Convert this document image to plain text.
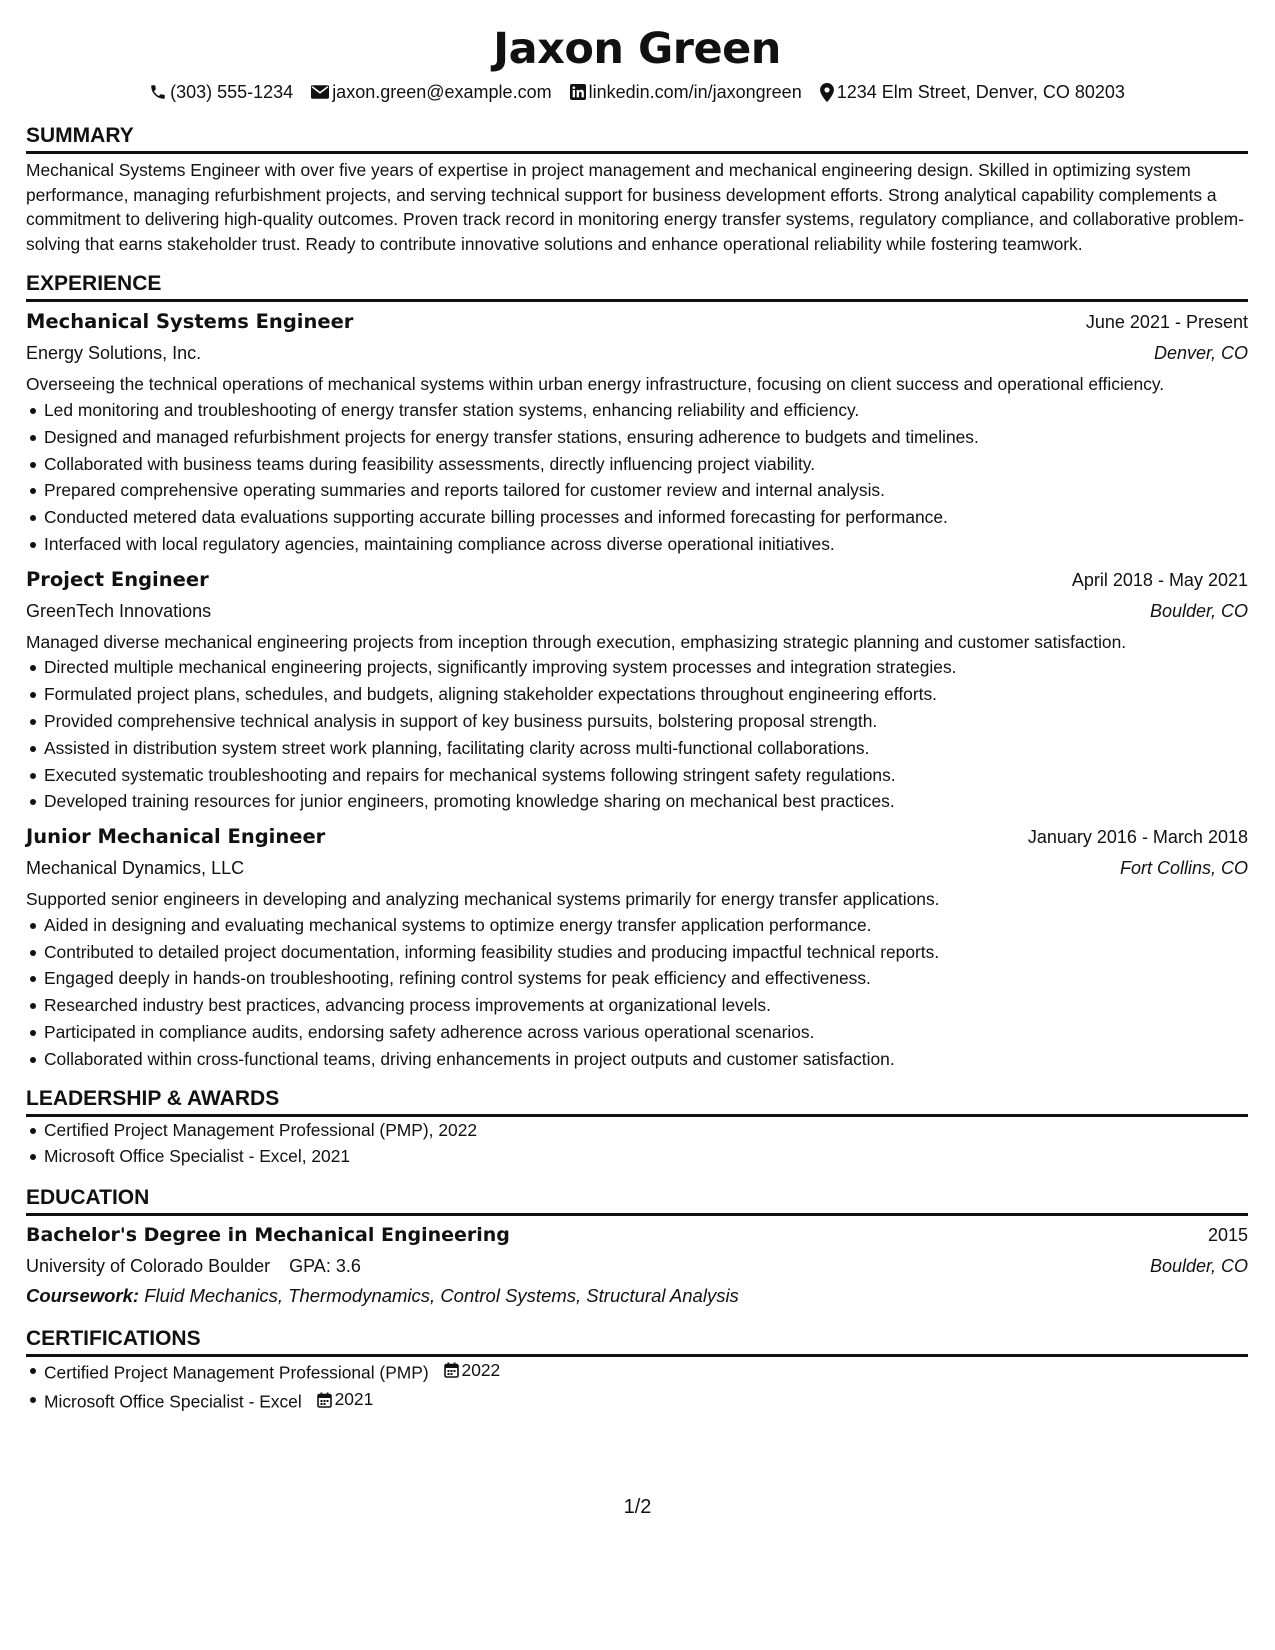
Jaxon Green
(303) 555-1234 jaxon.green@example.com linkedin.com/in/jaxongreen 1234 Elm Street, Denver, CO 80203
SUMMARY

Mechanical Systems Engineer with over five years of expertise in project management and mechanical engineering design. Skilled in optimizing system performance, managing refurbishment projects, and serving technical support for business development efforts. Strong analytical capability complements a commitment to delivering high-quality outcomes. Proven track record in monitoring energy transfer systems, regulatory compliance, and collaborative problem-solving that earns stakeholder trust. Ready to contribute innovative solutions and enhance operational reliability while fostering teamwork.

EXPERIENCE
Mechanical Systems Engineer	June 2021 - Present
Energy Solutions, Inc.	Denver, CO

Overseeing the technical operations of mechanical systems within urban energy infrastructure, focusing on client success and operational efficiency.

Led monitoring and troubleshooting of energy transfer station systems, enhancing reliability and efficiency.
Designed and managed refurbishment projects for energy transfer stations, ensuring adherence to budgets and timelines.
Collaborated with business teams during feasibility assessments, directly influencing project viability.
Prepared comprehensive operating summaries and reports tailored for customer review and internal analysis.
Conducted metered data evaluations supporting accurate billing processes and informed forecasting for performance.
Interfaced with local regulatory agencies, maintaining compliance across diverse operational initiatives.
Project Engineer	April 2018 - May 2021
GreenTech Innovations	Boulder, CO

Managed diverse mechanical engineering projects from inception through execution, emphasizing strategic planning and customer satisfaction.

Directed multiple mechanical engineering projects, significantly improving system processes and integration strategies.
Formulated project plans, schedules, and budgets, aligning stakeholder expectations throughout engineering efforts.
Provided comprehensive technical analysis in support of key business pursuits, bolstering proposal strength.
Assisted in distribution system street work planning, facilitating clarity across multi-functional collaborations.
Executed systematic troubleshooting and repairs for mechanical systems following stringent safety regulations.
Developed training resources for junior engineers, promoting knowledge sharing on mechanical best practices.
Junior Mechanical Engineer	January 2016 - March 2018
Mechanical Dynamics, LLC	Fort Collins, CO

Supported senior engineers in developing and analyzing mechanical systems primarily for energy transfer applications.

Aided in designing and evaluating mechanical systems to optimize energy transfer application performance.
Contributed to detailed project documentation, informing feasibility studies and producing impactful technical reports.
Engaged deeply in hands-on troubleshooting, refining control systems for peak efficiency and effectiveness.
Researched industry best practices, advancing process improvements at organizational levels.
Participated in compliance audits, endorsing safety adherence across various operational scenarios.
Collaborated within cross-functional teams, driving enhancements in project outputs and customer satisfaction.
LEADERSHIP & AWARDS
Certified Project Management Professional (PMP), 2022
Microsoft Office Specialist - Excel, 2021
EDUCATION
Bachelor's Degree in Mechanical Engineering	2015
University of Colorado Boulder GPA: 3.6	Boulder, CO
Coursework: Fluid Mechanics, Thermodynamics, Control Systems, Structural Analysis
CERTIFICATIONS
Certified Project Management Professional (PMP) 2022
Microsoft Office Specialist - Excel 2021
1/2
